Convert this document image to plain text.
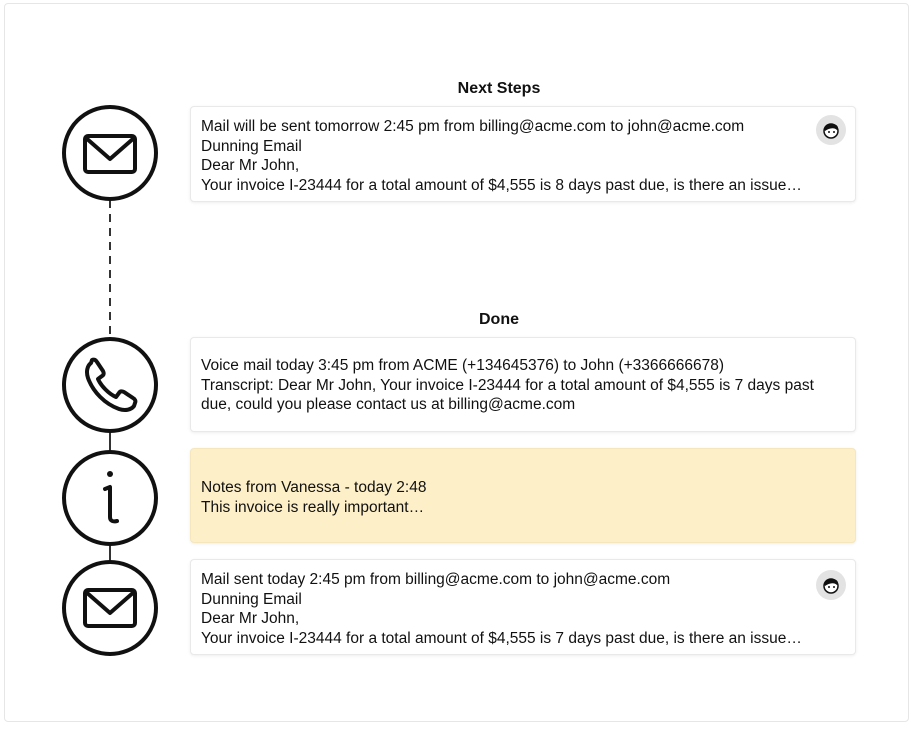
Next Steps
Done
Mail will be sent tomorrow 2:45 pm from billing@acme.com to john@acme.com
Dunning Email
Dear Mr John,
Your invoice I-23444 for a total amount of $4,555 is 8 days past due, is there an issue…
Voice mail today 3:45 pm from ACME (+134645376) to John (+3366666678)
Transcript: Dear Mr John, Your invoice I-23444 for a total amount of $4,555 is 7 days past due, could you please contact us at billing@acme.com
Notes from Vanessa - today 2:48
This invoice is really important…
Mail sent today 2:45 pm from billing@acme.com to john@acme.com
Dunning Email
Dear Mr John,
Your invoice I-23444 for a total amount of $4,555 is 7 days past due, is there an issue…
